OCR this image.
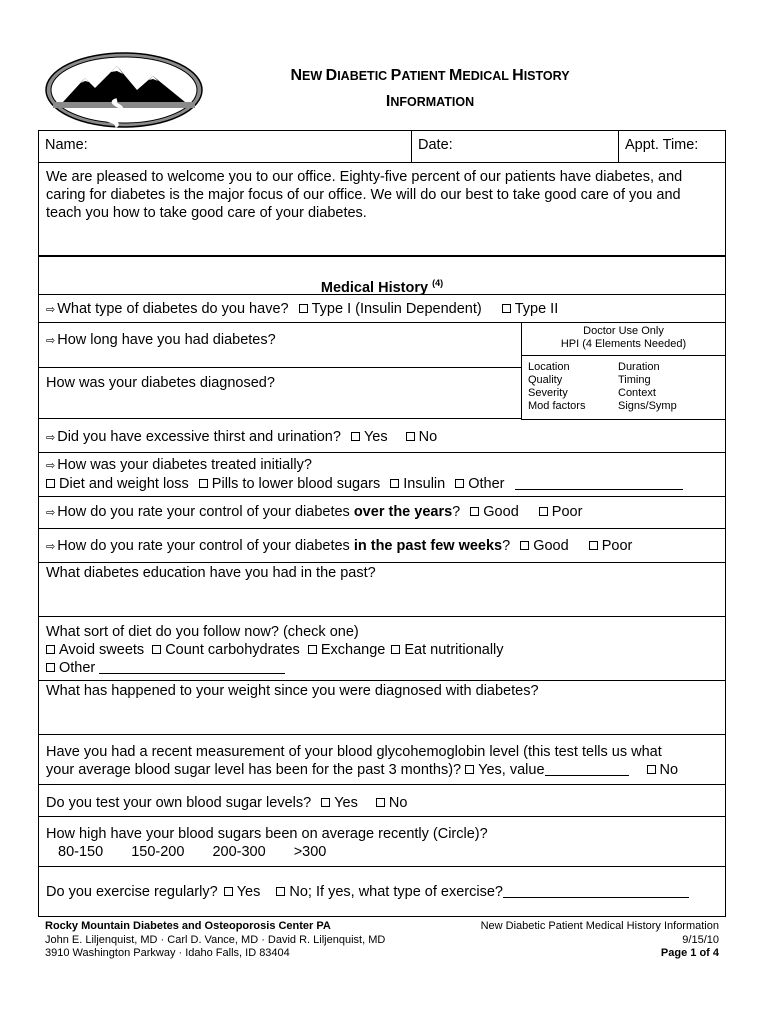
NEW DIABETIC PATIENT MEDICAL HISTORY
INFORMATION
Name:	Date:	Appt. Time:
We are pleased to welcome you to our office. Eighty-five percent of our patients have diabetes, and caring for diabetes is the major focus of our office. We will do our best to take good care of you and teach you how to take good care of your diabetes.
Medical History $^{(4)}$
⇨ What type of diabetes do you have? Type I (Insulin Dependent) Type II
⇨ How long have you had diabetes?
How was your diabetes diagnosed?
Doctor Use Only
HPI (4 Elements Needed)
Location	Duration
Quality	Timing
Severity	Context
Mod factors	Signs/Symp
⇨ Did you have excessive thirst and urination? Yes No
⇨ How was your diabetes treated initially?
Diet and weight loss Pills to lower blood sugars Insulin Other
⇨ How do you rate your control of your diabetes over the years? Good Poor
⇨ How do you rate your control of your diabetes in the past few weeks? Good Poor
What diabetes education have you had in the past?
What sort of diet do you follow now? (check one)
Avoid sweets Count carbohydrates Exchange Eat nutritionally
Other
What has happened to your weight since you were diagnosed with diabetes?
Have you had a recent measurement of your blood glycohemoglobin level (this test tells us what
your average blood sugar level has been for the past 3 months)? Yes, value	No
Do you test your own blood sugar levels? Yes No
How high have your blood sugars been on average recently (Circle)?
80-150 150-200 200-300 >300
Do you exercise regularly? Yes No; If yes, what type of exercise?
Rocky Mountain Diabetes and Osteoporosis Center PA
John E. Liljenquist, MD · Carl D. Vance, MD · David R. Liljenquist, MD
3910 Washington Parkway · Idaho Falls, ID 83404
New Diabetic Patient Medical History Information
9/15/10
Page 1 of 4
